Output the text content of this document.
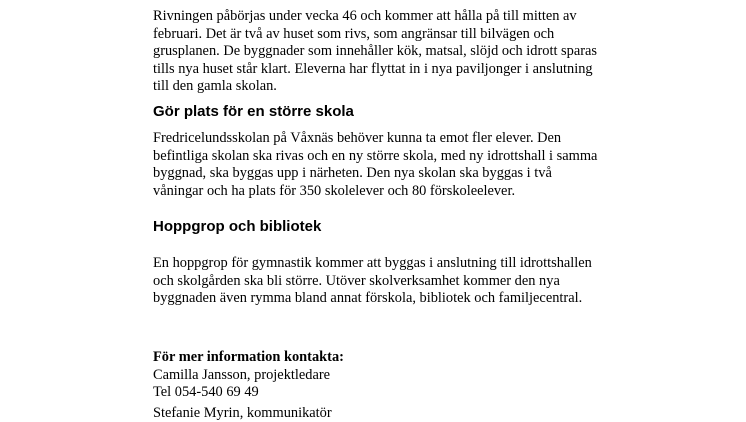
Rivningen påbörjas under vecka 46 och kommer att hålla på till mitten av
februari. Det är två av huset som rivs, som angränsar till bilvägen och
grusplanen. De byggnader som innehåller kök, matsal, slöjd och idrott sparas
tills nya huset står klart. Eleverna har flyttat in i nya paviljonger i anslutning
till den gamla skolan.
Gör plats för en större skola
Fredricelundsskolan på Våxnäs behöver kunna ta emot fler elever. Den
befintliga skolan ska rivas och en ny större skola, med ny idrottshall i samma
byggnad, ska byggas upp i närheten. Den nya skolan ska byggas i två
våningar och ha plats för 350 skolelever och 80 förskoleelever.
Hoppgrop och bibliotek
En hoppgrop för gymnastik kommer att byggas i anslutning till idrottshallen
och skolgården ska bli större. Utöver skolverksamhet kommer den nya
byggnaden även rymma bland annat förskola, bibliotek och familjecentral.
För mer information kontakta:
Camilla Jansson, projektledare
Tel 054-540 69 49
Stefanie Myrin, kommunikatör
